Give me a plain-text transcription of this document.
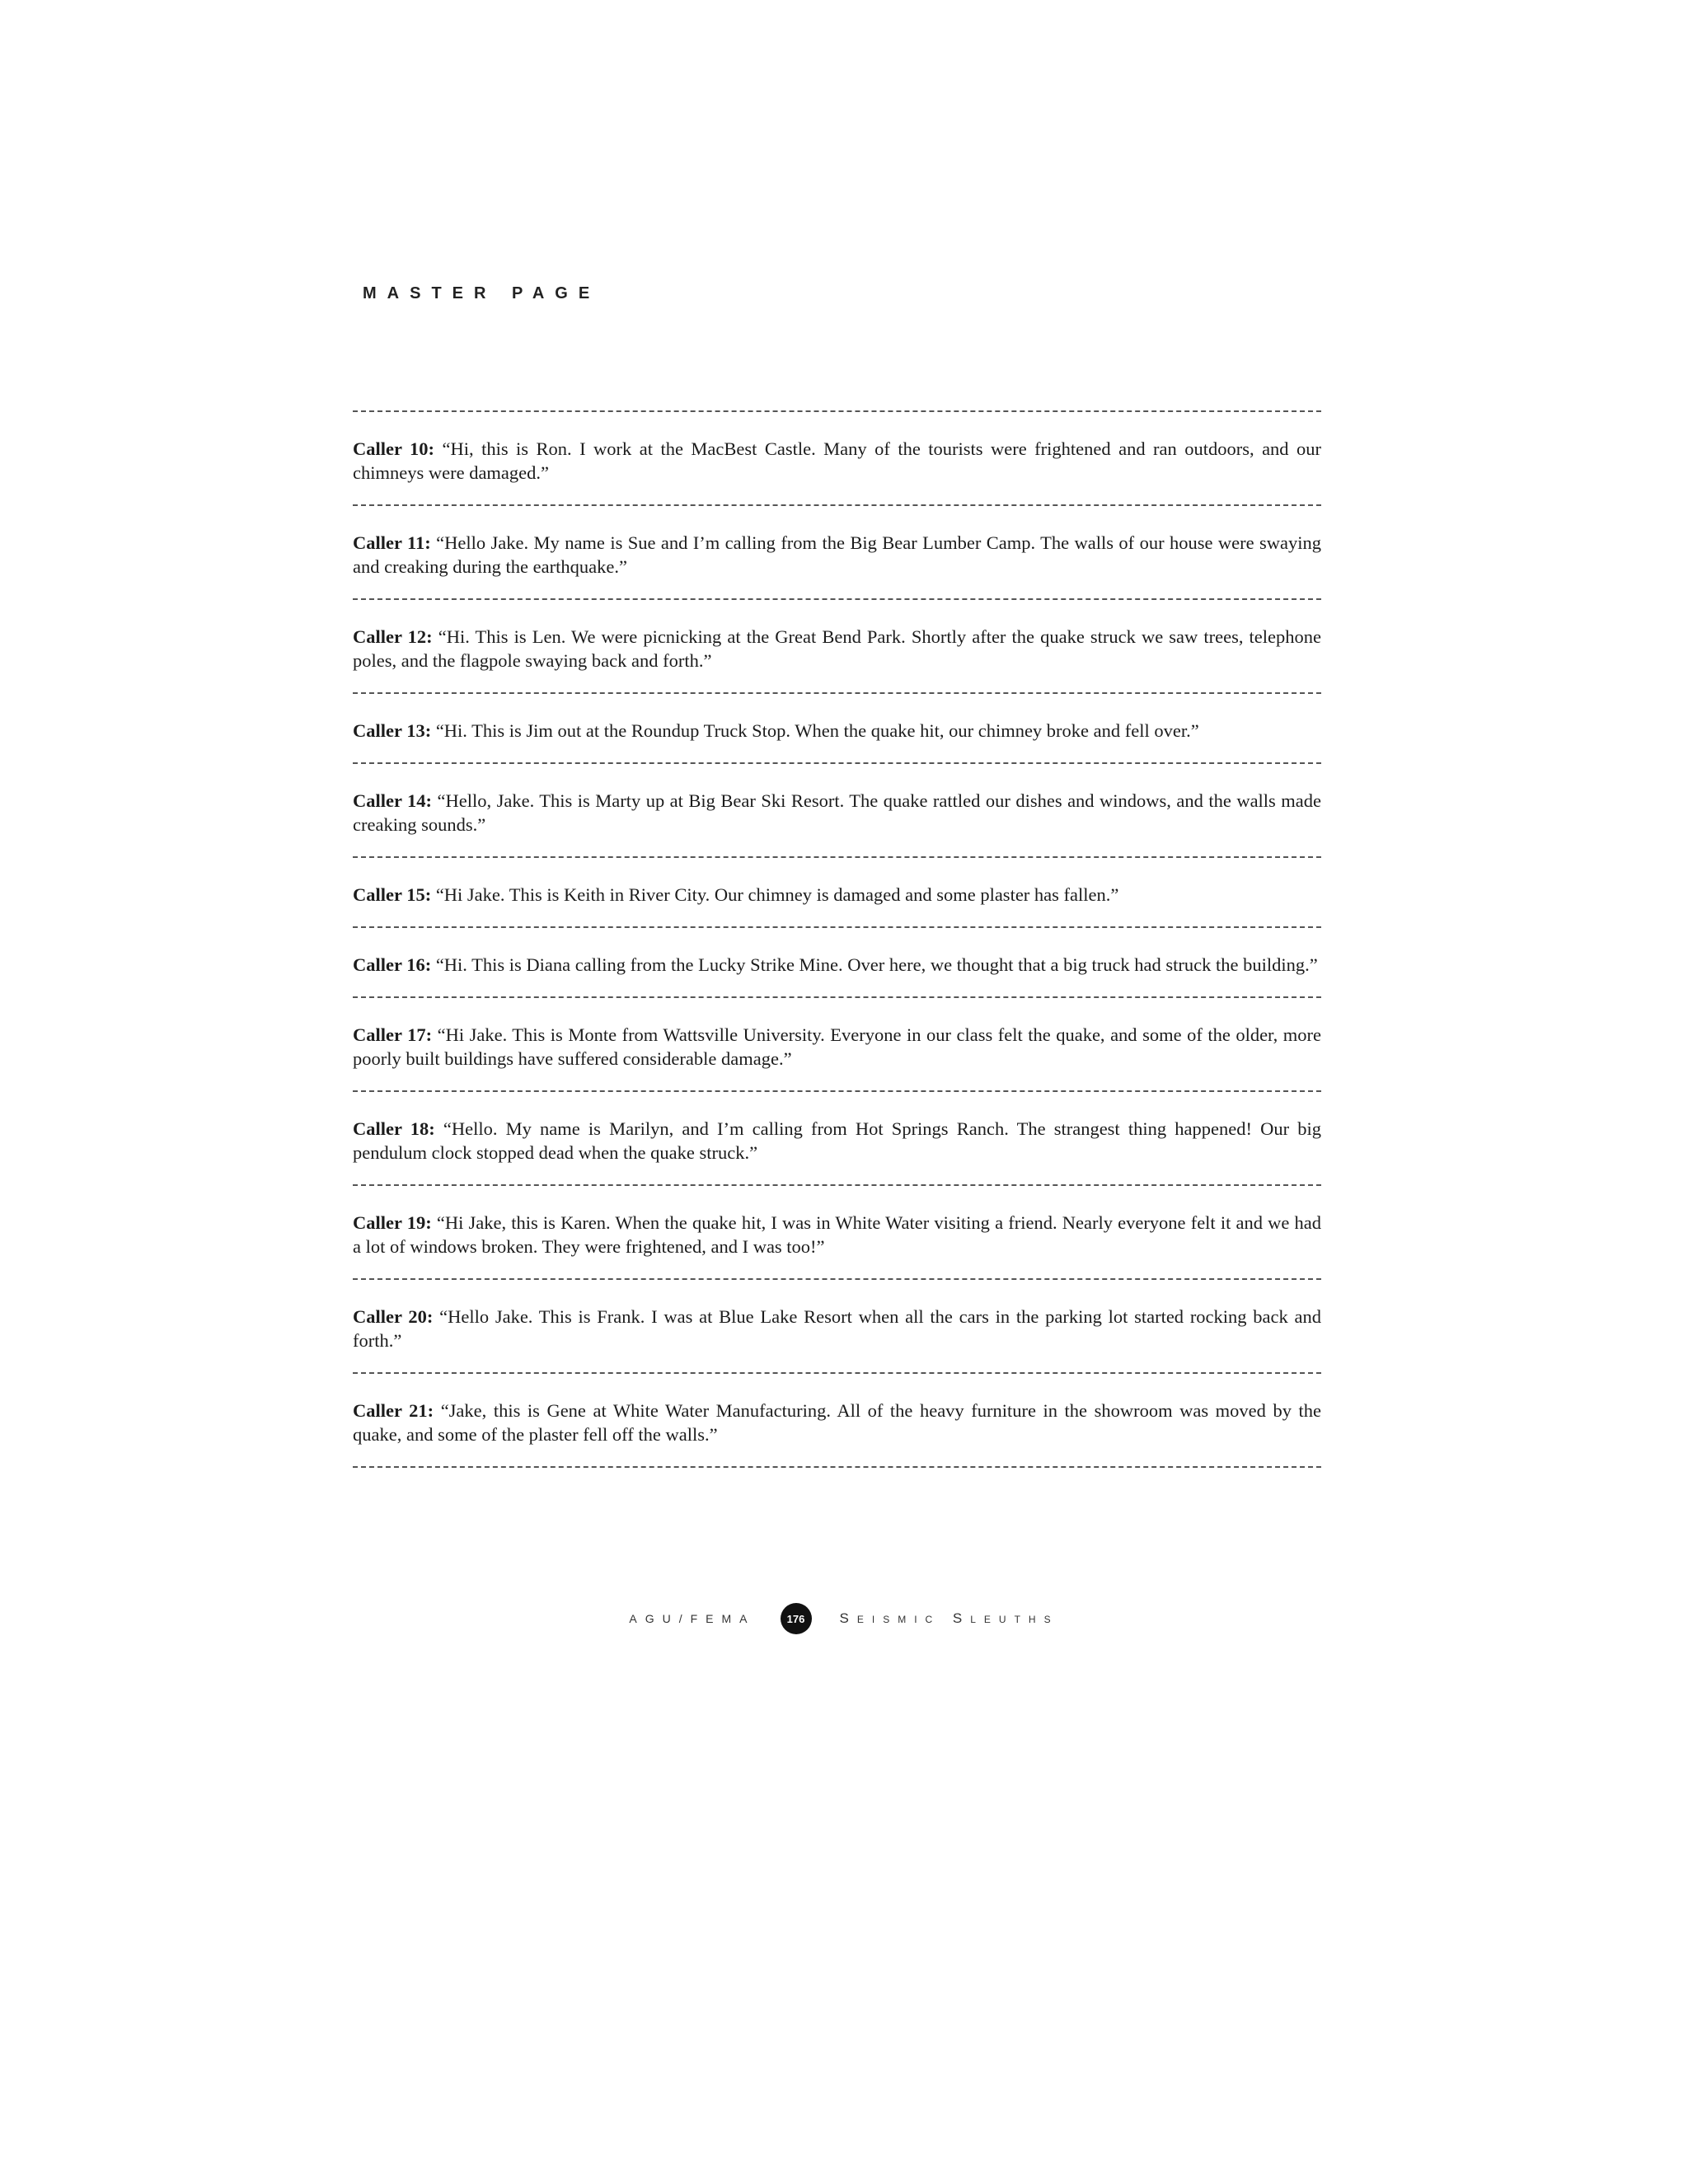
MASTER PAGE
Caller 10: “Hi, this is Ron. I work at the MacBest Castle. Many of the tourists were frightened and ran outdoors, and our chimneys were damaged.”
Caller 11: “Hello Jake. My name is Sue and I’m calling from the Big Bear Lumber Camp. The walls of our house were swaying and creaking during the earthquake.”
Caller 12: “Hi. This is Len. We were picnicking at the Great Bend Park. Shortly after the quake struck we saw trees, telephone poles, and the flagpole swaying back and forth.”
Caller 13: “Hi. This is Jim out at the Roundup Truck Stop. When the quake hit, our chimney broke and fell over.”
Caller 14: “Hello, Jake. This is Marty up at Big Bear Ski Resort. The quake rattled our dishes and windows, and the walls made creaking sounds.”
Caller 15: “Hi Jake. This is Keith in River City. Our chimney is damaged and some plaster has fallen.”
Caller 16: “Hi. This is Diana calling from the Lucky Strike Mine. Over here, we thought that a big truck had struck the building.”
Caller 17: “Hi Jake. This is Monte from Wattsville University. Everyone in our class felt the quake, and some of the older, more poorly built buildings have suffered considerable damage.”
Caller 18: “Hello. My name is Marilyn, and I’m calling from Hot Springs Ranch. The strangest thing happened! Our big pendulum clock stopped dead when the quake struck.”
Caller 19: “Hi Jake, this is Karen. When the quake hit, I was in White Water visiting a friend. Nearly everyone felt it and we had a lot of windows broken. They were frightened, and I was too!”
Caller 20: “Hello Jake. This is Frank. I was at Blue Lake Resort when all the cars in the parking lot started rocking back and forth.”
Caller 21: “Jake, this is Gene at White Water Manufacturing. All of the heavy furniture in the showroom was moved by the quake, and some of the plaster fell off the walls.”
AGU/FEMA	176	Seismic Sleuths
